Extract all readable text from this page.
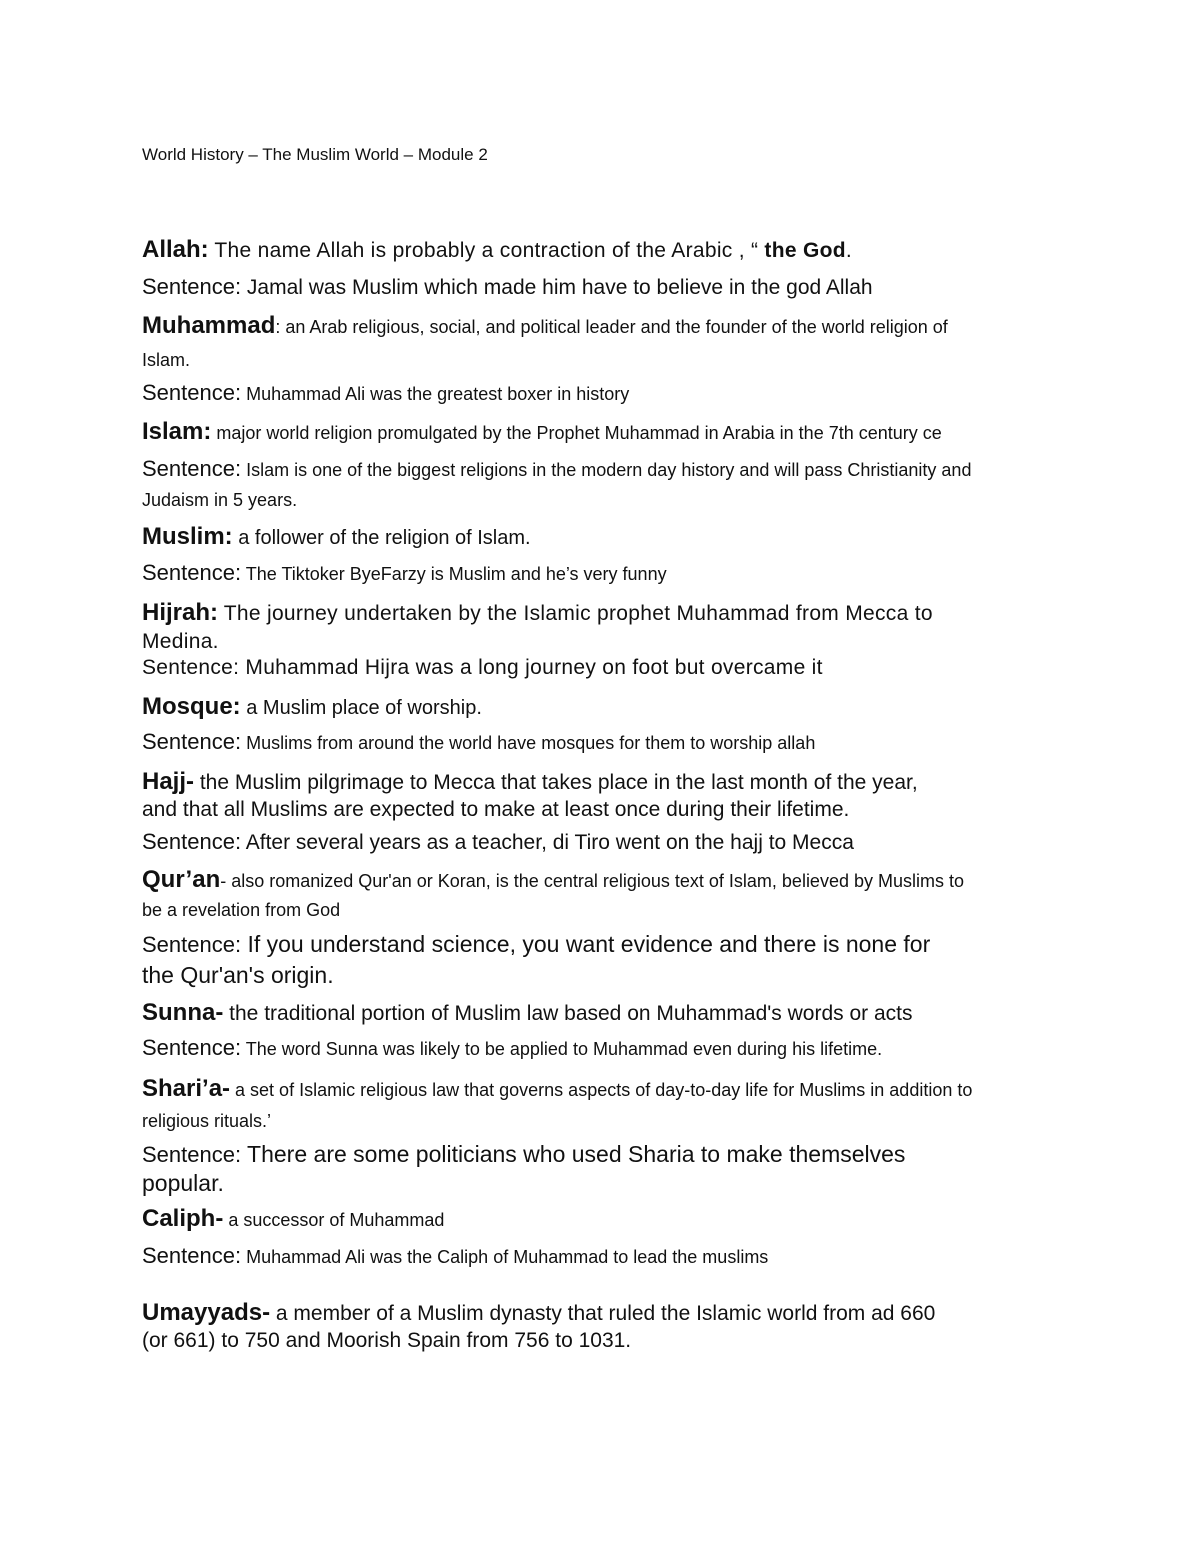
World History – The Muslim World – Module 2
Allah: The name Allah is probably a contraction of the Arabic , “ the God.
Sentence: Jamal was Muslim which made him have to believe in the god Allah
Muhammad: an Arab religious, social, and political leader and the founder of the world religion of
Islam.
Sentence: Muhammad Ali was the greatest boxer in history
Islam: major world religion promulgated by the Prophet Muhammad in Arabia in the 7th century ce
Sentence: Islam is one of the biggest religions in the modern day history and will pass Christianity and
Judaism in 5 years.
Muslim: a follower of the religion of Islam.
Sentence: The Tiktoker ByeFarzy is Muslim and he’s very funny
Hijrah: The journey undertaken by the Islamic prophet Muhammad from Mecca to
Medina.
Sentence: Muhammad Hijra was a long journey on foot but overcame it
Mosque: a Muslim place of worship.
Sentence: Muslims from around the world have mosques for them to worship allah
Hajj- the Muslim pilgrimage to Mecca that takes place in the last month of the year,
and that all Muslims are expected to make at least once during their lifetime.
Sentence: After several years as a teacher, di Tiro went on the hajj to Mecca
Qur’an- also romanized Qur'an or Koran, is the central religious text of Islam, believed by Muslims to
be a revelation from God
Sentence: If you understand science, you want evidence and there is none for
the Qur'an's origin.
Sunna- the traditional portion of Muslim law based on Muhammad's words or acts
Sentence: The word Sunna was likely to be applied to Muhammad even during his lifetime.
Shari’a- a set of Islamic religious law that governs aspects of day-to-day life for Muslims in addition to
religious rituals.’
Sentence: There are some politicians who used Sharia to make themselves
popular.
Caliph- a successor of Muhammad
Sentence: Muhammad Ali was the Caliph of Muhammad to lead the muslims
Umayyads- a member of a Muslim dynasty that ruled the Islamic world from ad 660
(or 661) to 750 and Moorish Spain from 756 to 1031.
